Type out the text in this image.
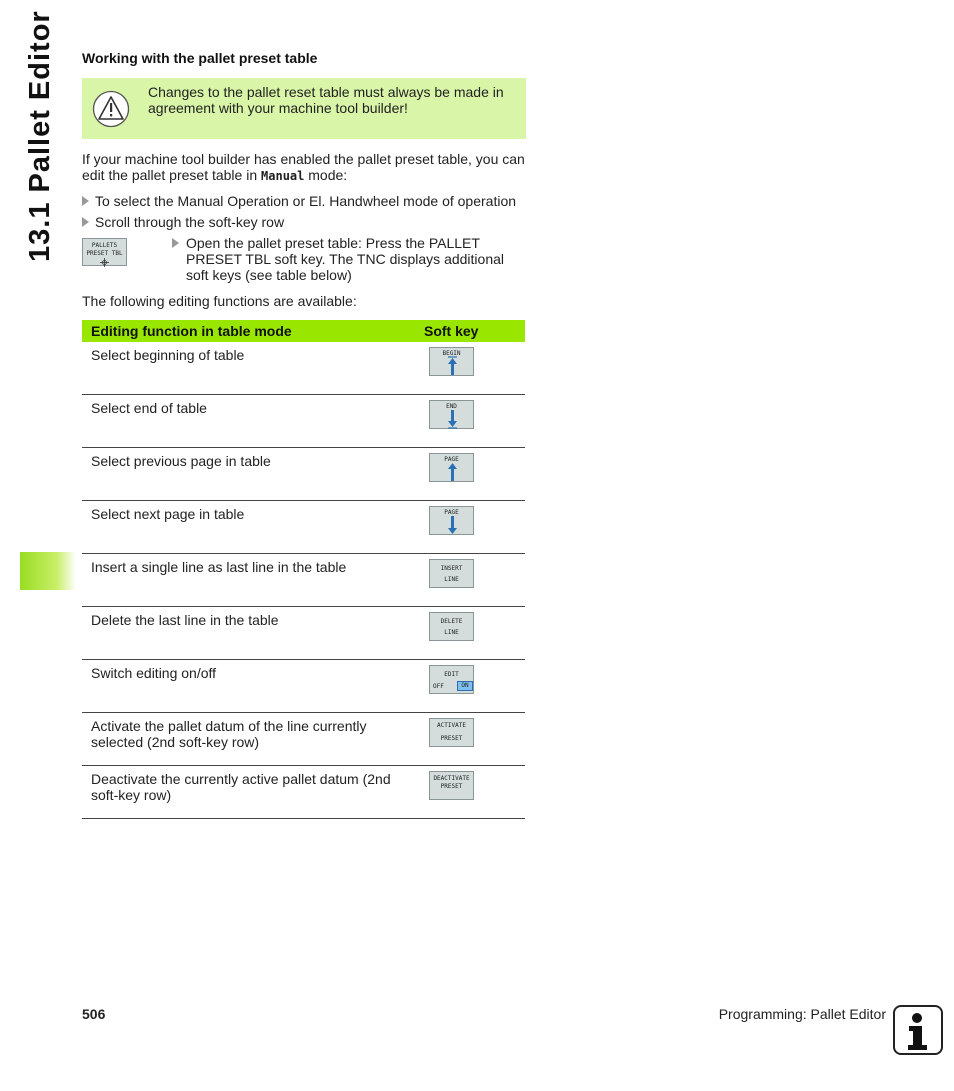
13.1 Pallet Editor Working with the pallet preset table
Changes to the pallet reset table must always be made in agreement with your machine tool builder!
If your machine tool builder has enabled the pallet preset table, you can edit the pallet preset table in Manual mode:
To select the Manual Operation or El. Handwheel mode of operation
Scroll through the soft-key row
PALLETS
PRESET TBL
Open the pallet preset table: Press the PALLET PRESET TBL soft key. The TNC displays additional soft keys (see table below)
The following editing functions are available:
Editing function in table mode	Soft key
Select beginning of table	BEGIN

Select end of table	END

Select previous page in table	PAGE

Select next page in table	PAGE

Insert a single line as last line in the table	INSERT
LINE

Delete the last line in the table	DELETE
LINE

Switch editing on/off	EDIT
OFF ON

Activate the pallet datum of the line currently selected (2nd soft-key row)	ACTIVATE
PRESET

Deactivate the currently active pallet datum (2nd soft-key row)	DEACTIVATE
PRESET
506	Programming: Pallet Editor
